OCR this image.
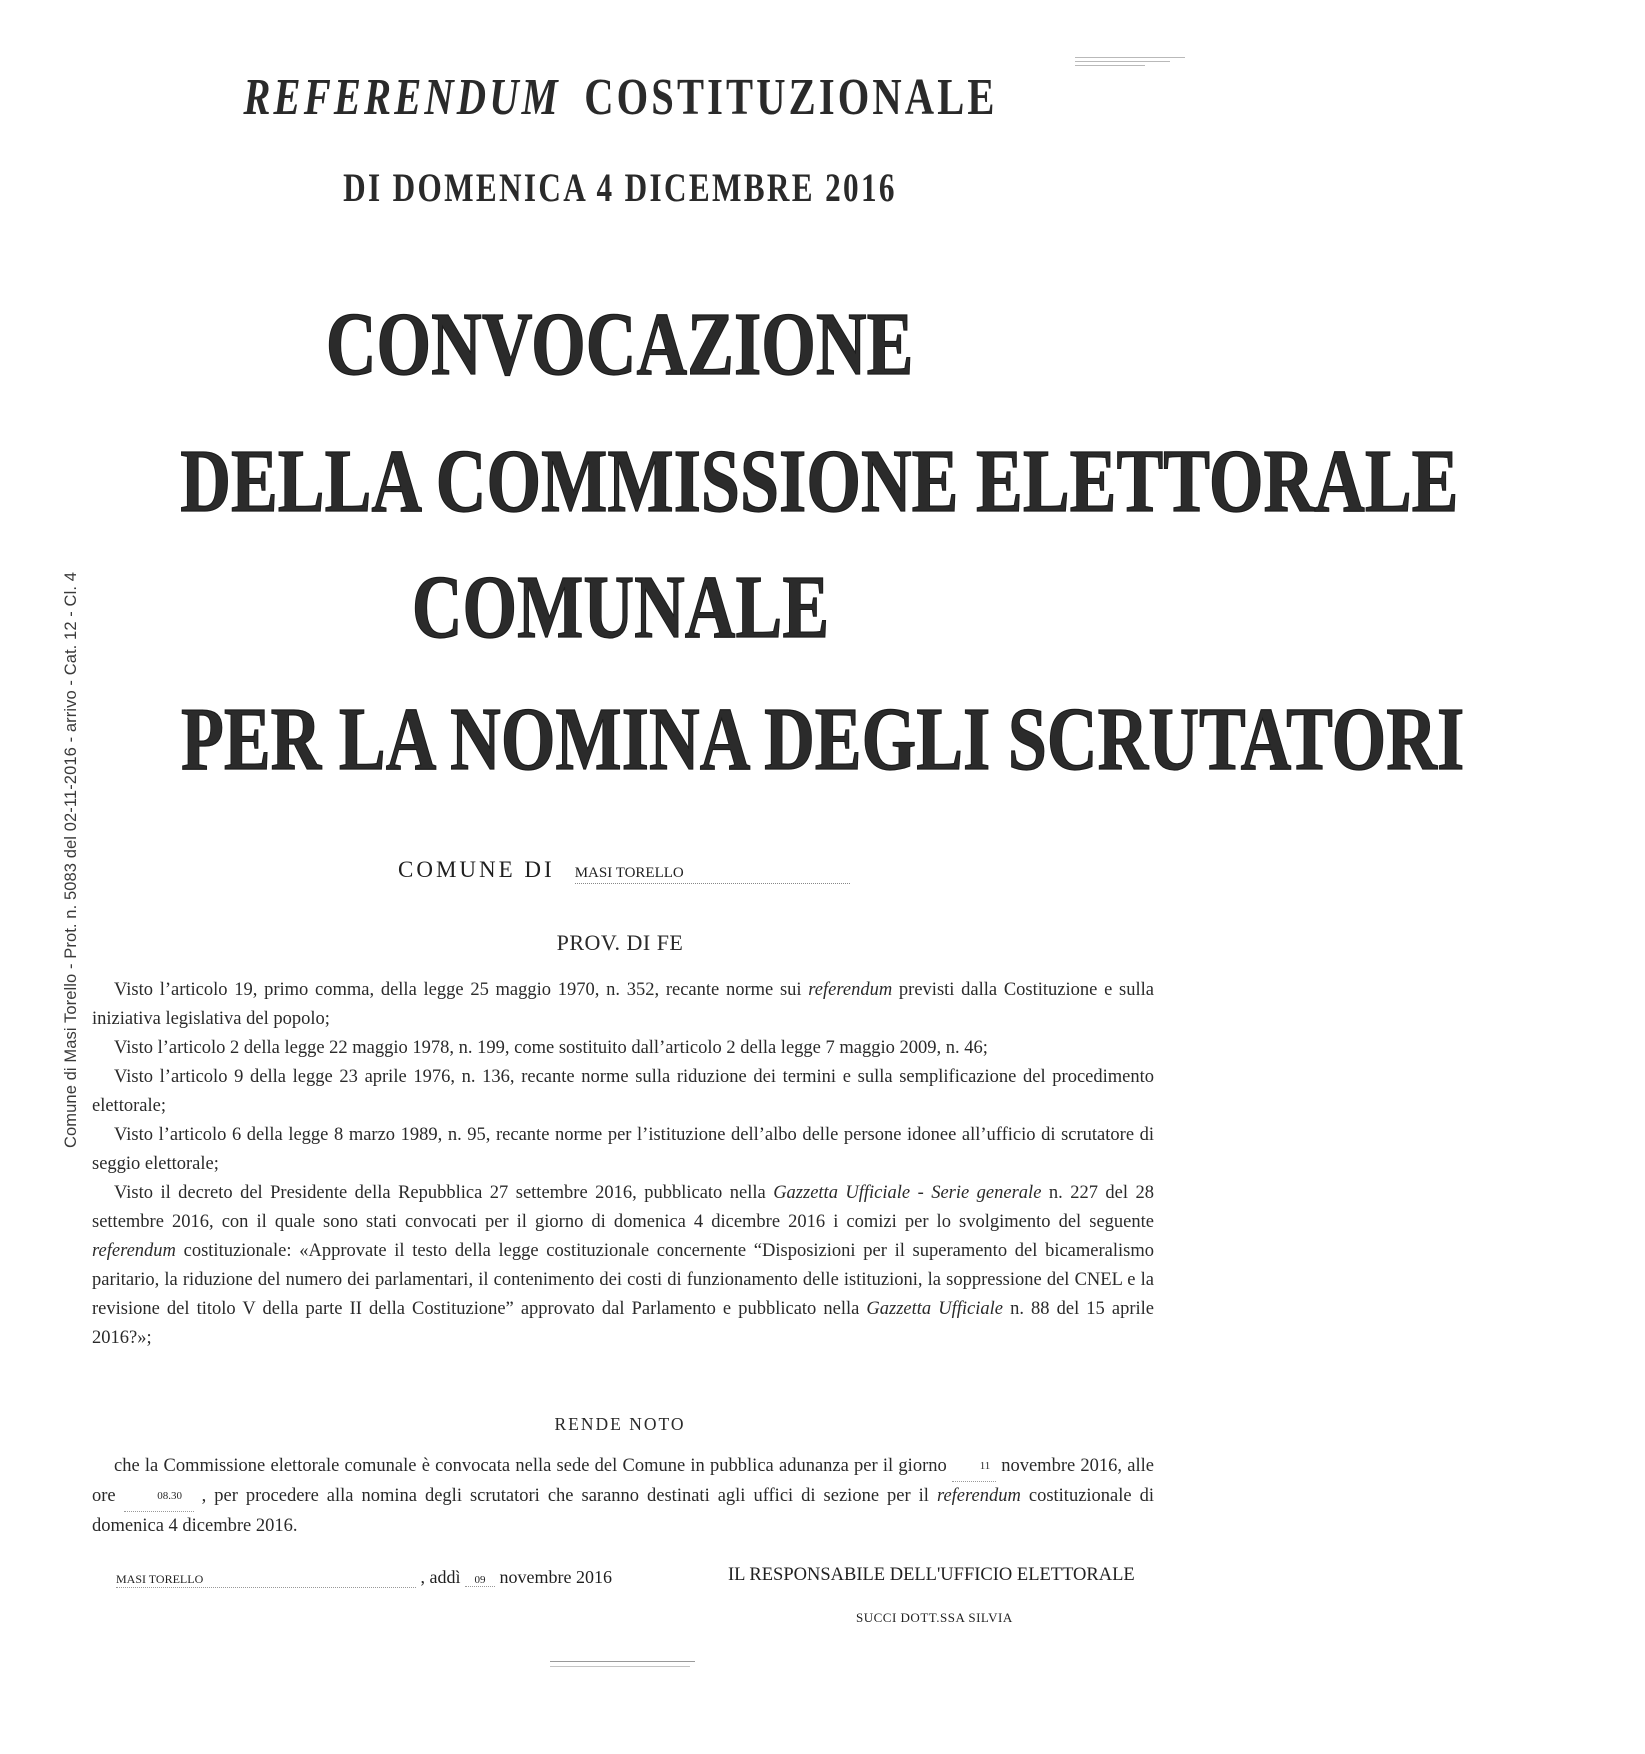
Comune di Masi Torello - Prot. n. 5083 del 02-11-2016 - arrivo - Cat. 12 - Cl. 4
REFERENDUM COSTITUZIONALE
DI DOMENICA 4 DICEMBRE 2016
CONVOCAZIONE
DELLA COMMISSIONE ELETTORALE
COMUNALE
PER LA NOMINA DEGLI SCRUTATORI
COMUNE DI MASI TORELLO
PROV. DI FE

Visto l’articolo 19, primo comma, della legge 25 maggio 1970, n. 352, recante norme sui referendum previsti dalla Costituzione e sulla iniziativa legislativa del popolo;

Visto l’articolo 2 della legge 22 maggio 1978, n. 199, come sostituito dall’articolo 2 della legge 7 maggio 2009, n. 46;

Visto l’articolo 9 della legge 23 aprile 1976, n. 136, recante norme sulla riduzione dei termini e sulla semplificazione del procedimento elettorale;

Visto l’articolo 6 della legge 8 marzo 1989, n. 95, recante norme per l’istituzione dell’albo delle persone idonee all’ufficio di scrutatore di seggio elettorale;

Visto il decreto del Presidente della Repubblica 27 settembre 2016, pubblicato nella Gazzetta Ufficiale - Serie generale n. 227 del 28 settembre 2016, con il quale sono stati convocati per il giorno di domenica 4 dicembre 2016 i comizi per lo svolgimento del seguente referendum costituzionale: «Approvate il testo della legge costituzionale concernente “Disposizioni per il superamento del bicameralismo paritario, la riduzione del numero dei parlamentari, il contenimento dei costi di funzionamento delle istituzioni, la soppressione del CNEL e la revisione del titolo V della parte II della Costituzione” approvato dal Parlamento e pubblicato nella Gazzetta Ufficiale n. 88 del 15 aprile 2016?»;

RENDE NOTO

che la Commissione elettorale comunale è convocata nella sede del Comune in pubblica adunanza per il giorno	11 novembre 2016, alle ore	08.30 , per procedere alla nomina degli scrutatori che saranno destinati agli uffici di sezione per il referendum costituzionale di domenica 4 dicembre 2016.

MASI TORELLO	, addì 09 novembre 2016	IL RESPONSABILE DELL'UFFICIO ELETTORALE
SUCCI DOTT.SSA SILVIA
